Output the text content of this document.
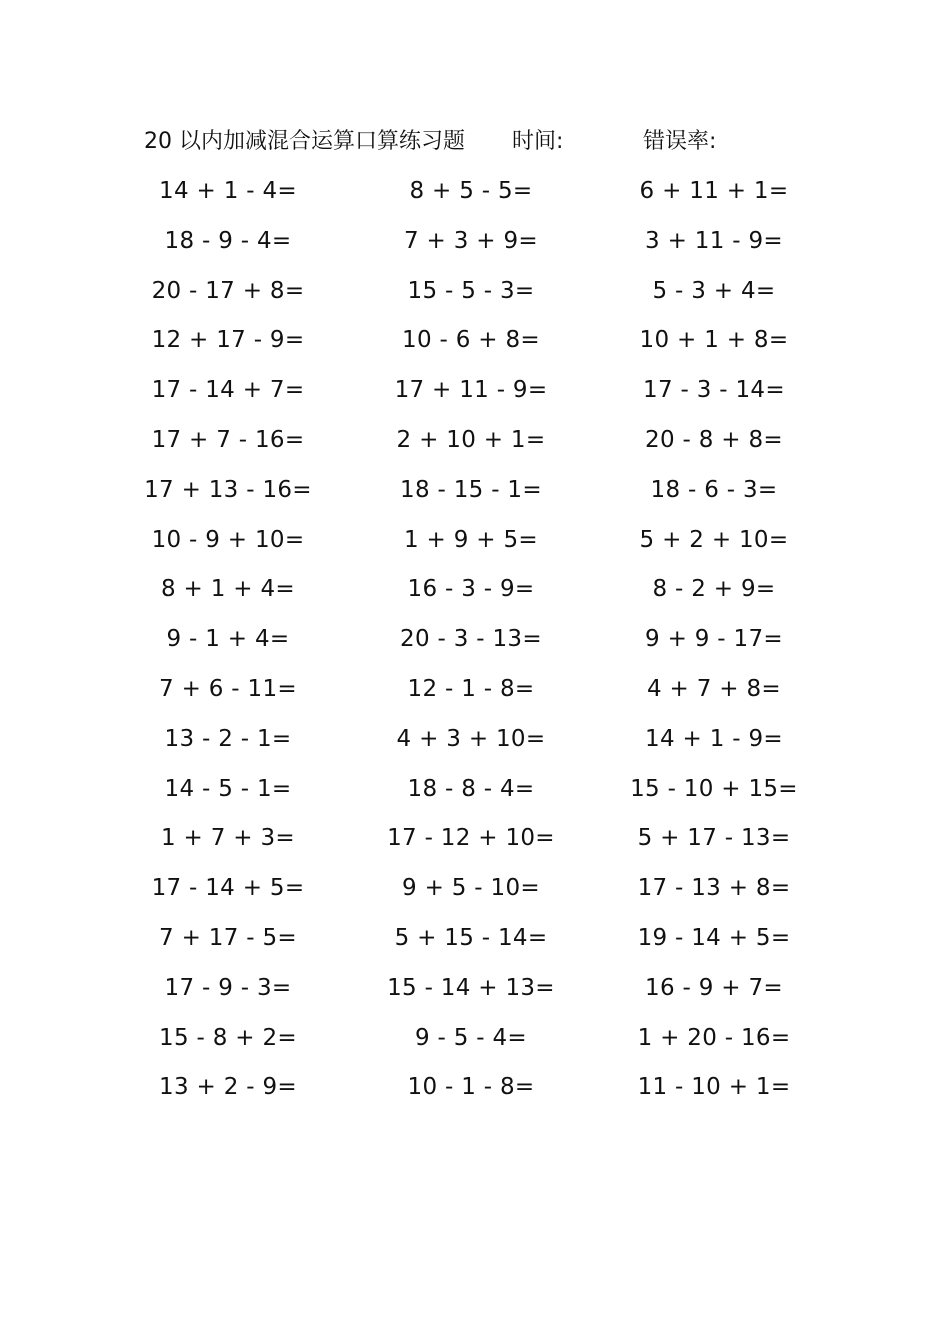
20 以内加减混合运算口算练习题 时间:	错误率:
14 + 1 - 4=
18 - 9 - 4=
20 - 17 + 8=
12 + 17 - 9=
17 - 14 + 7=
17 + 7 - 16=
17 + 13 - 16=
10 - 9 + 10=
8 + 1 + 4=
9 - 1 + 4=
7 + 6 - 11=
13 - 2 - 1=
14 - 5 - 1=
1 + 7 + 3=
17 - 14 + 5=
7 + 17 - 5=
17 - 9 - 3=
15 - 8 + 2=
13 + 2 - 9=
8 + 5 - 5=
7 + 3 + 9=
15 - 5 - 3=
10 - 6 + 8=
17 + 11 - 9=
2 + 10 + 1=
18 - 15 - 1=
1 + 9 + 5=
16 - 3 - 9=
20 - 3 - 13=
12 - 1 - 8=
4 + 3 + 10=
18 - 8 - 4=
17 - 12 + 10=
9 + 5 - 10=
5 + 15 - 14=
15 - 14 + 13=
9 - 5 - 4=
10 - 1 - 8=
6 + 11 + 1=
3 + 11 - 9=
5 - 3 + 4=
10 + 1 + 8=
17 - 3 - 14=
20 - 8 + 8=
18 - 6 - 3=
5 + 2 + 10=
8 - 2 + 9=
9 + 9 - 17=
4 + 7 + 8=
14 + 1 - 9=
15 - 10 + 15=
5 + 17 - 13=
17 - 13 + 8=
19 - 14 + 5=
16 - 9 + 7=
1 + 20 - 16=
11 - 10 + 1=
